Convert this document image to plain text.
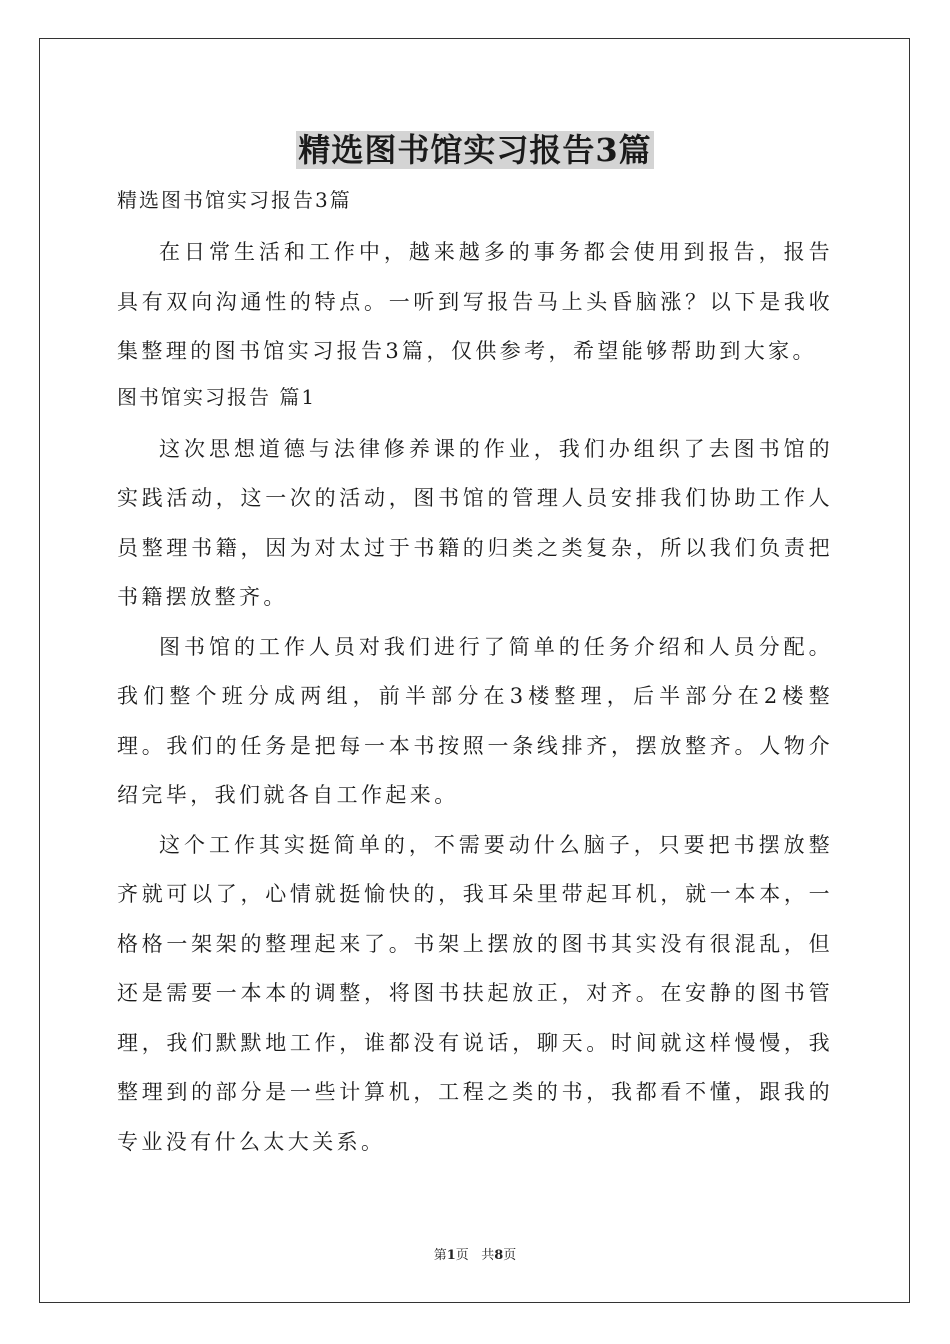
精选图书馆实习报告3篇

精选图书馆实习报告3篇

在日常生活和工作中，越来越多的事务都会使用到报告，报告具有双向沟通性的特点。一听到写报告马上头昏脑涨？以下是我收集整理的图书馆实习报告3篇，仅供参考，希望能够帮助到大家。

图书馆实习报告 篇1

这次思想道德与法律修养课的作业，我们办组织了去图书馆的实践活动，这一次的活动，图书馆的管理人员安排我们协助工作人员整理书籍，因为对太过于书籍的归类之类复杂，所以我们负责把书籍摆放整齐。

图书馆的工作人员对我们进行了简单的任务介绍和人员分配。我们整个班分成两组，前半部分在3楼整理，后半部分在2楼整理。我们的任务是把每一本书按照一条线排齐，摆放整齐。人物介绍完毕，我们就各自工作起来。

这个工作其实挺简单的，不需要动什么脑子，只要把书摆放整齐就可以了，心情就挺愉快的，我耳朵里带起耳机，就一本本，一格格一架架的整理起来了。书架上摆放的图书其实没有很混乱，但还是需要一本本的调整，将图书扶起放正，对齐。在安静的图书管理，我们默默地工作，谁都没有说话，聊天。时间就这样慢慢，我整理到的部分是一些计算机，工程之类的书，我都看不懂，跟我的专业没有什么太大关系。

第1页 共8页
